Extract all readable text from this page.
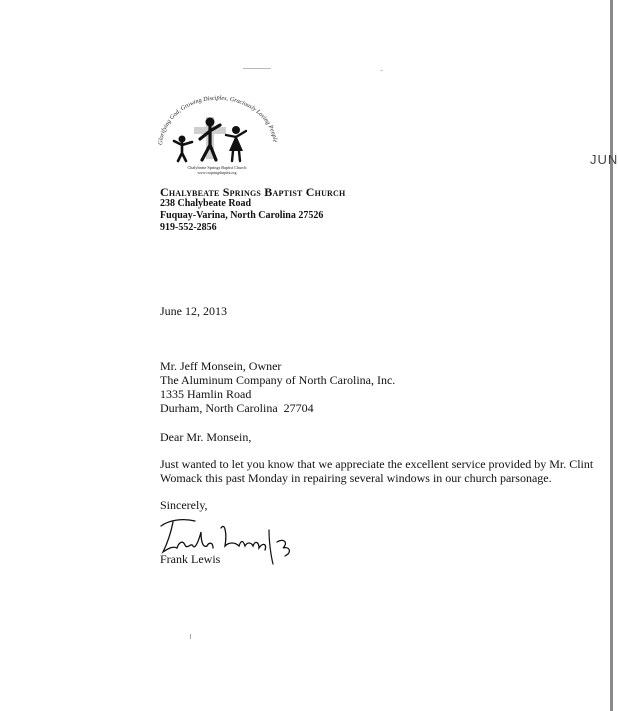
JUN
Glorifying God, Growing Disciples, Graciously Loving People
Chalybeate Springs Baptist Church
www.csspringsbaptist.org
Chalybeate Springs Baptist Church
238 Chalybeate Road
Fuquay-Varina, North Carolina 27526
919-552-2856
June 12, 2013
Mr. Jeff Monsein, Owner
The Aluminum Company of North Carolina, Inc.
1335 Hamlin Road
Durham, North Carolina  27704
Dear Mr. Monsein,
Just wanted to let you know that we appreciate the excellent service provided by Mr. Clint Womack this past Monday in repairing several windows in our church parsonage.
Sincerely,
Frank Lewis
